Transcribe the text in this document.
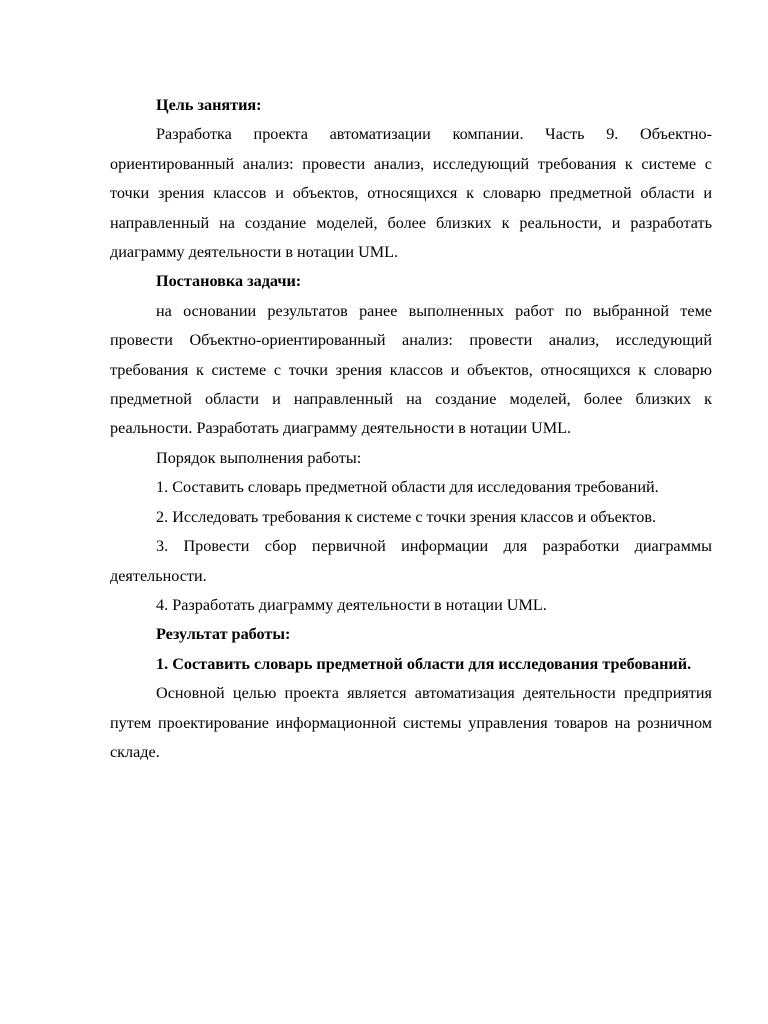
Цель занятия:

Разработка проекта автоматизации компании. Часть 9. Объектно-ориентированный анализ: провести анализ, исследующий требования к системе с точки зрения классов и объектов, относящихся к словарю предметной области и направленный на создание моделей, более близких к реальности, и разработать диаграмму деятельности в нотации UML.

Постановка задачи:

на основании результатов ранее выполненных работ по выбранной теме провести Объектно-ориентированный анализ: провести анализ, исследующий требования к системе с точки зрения классов и объектов, относящихся к словарю предметной области и направленный на создание моделей, более близких к реальности. Разработать диаграмму деятельности в нотации UML.

Порядок выполнения работы:

1. Составить словарь предметной области для исследования требований.

2. Исследовать требования к системе с точки зрения классов и объектов.

3. Провести сбор первичной информации для разработки диаграммы деятельности.

4. Разработать диаграмму деятельности в нотации UML.

Результат работы:

1. Составить словарь предметной области для исследования требований.

Основной целью проекта является автоматизация деятельности предприятия путем проектирование информационной системы управления товаров на розничном складе.
